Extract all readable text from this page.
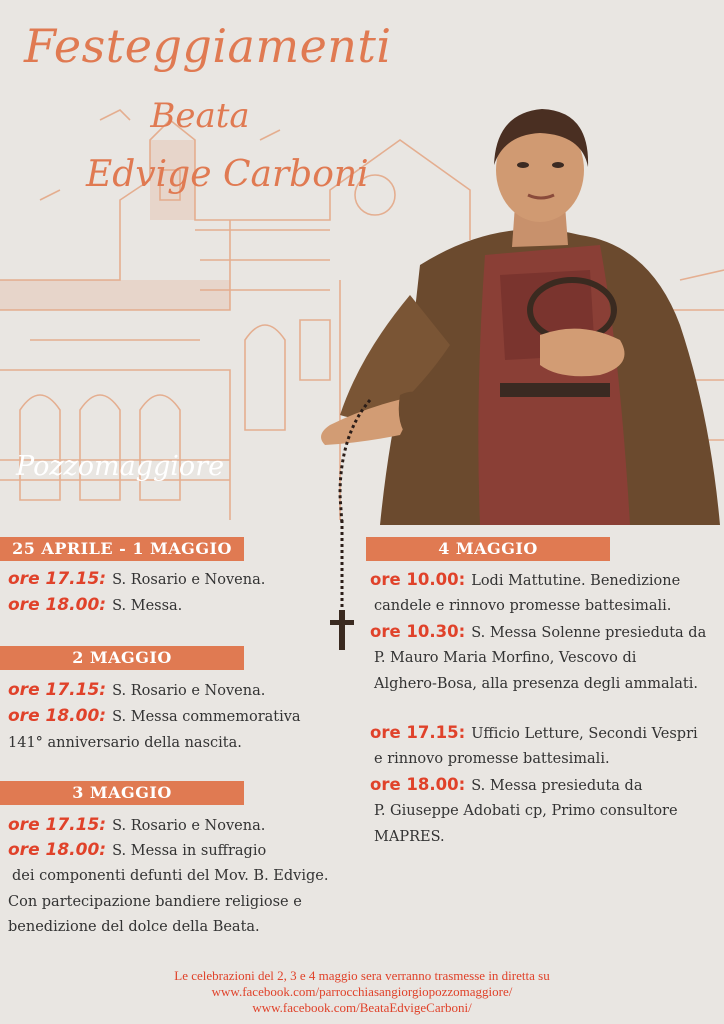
Festeggiamenti
Beata
Edvige Carboni
Pozzomaggiore
25 APRILE - 1 MAGGIO
ore 17.15: S. Rosario e Novena.
ore 18.00: S. Messa.
2 MAGGIO
ore 17.15: S. Rosario e Novena.
ore 18.00: S. Messa commemorativa
141° anniversario della nascita.
3 MAGGIO
ore 17.15: S. Rosario e Novena.
ore 18.00: S. Messa in suffragio
dei componenti defunti del Mov. B. Edvige.
Con partecipazione bandiere religiose e
benedizione del dolce della Beata.
4 MAGGIO
ore 10.00: Lodi Mattutine. Benedizione
candele e rinnovo promesse battesimali.
ore 10.30: S. Messa Solenne presieduta da
P. Mauro Maria Morfino, Vescovo di
Alghero-Bosa, alla presenza degli ammalati.
ore 17.15: Ufficio Letture, Secondi Vespri
e rinnovo promesse battesimali.
ore 18.00: S. Messa presieduta da
P. Giuseppe Adobati cp, Primo consultore
MAPRES.
Le celebrazioni del 2, 3 e 4 maggio sera verranno trasmesse in diretta su
www.facebook.com/parrocchiasangiorgiopozzomaggiore/
www.facebook.com/BeataEdvigeCarboni/
